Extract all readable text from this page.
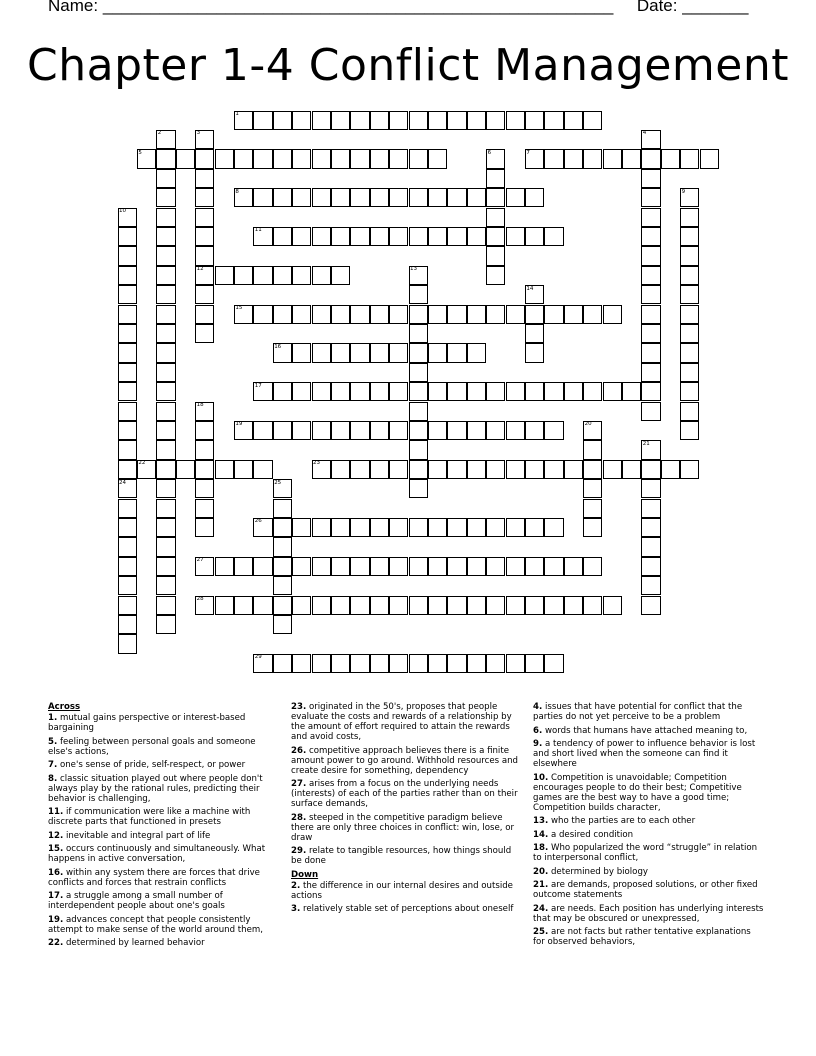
Name: ______________________________________________________ Date: _______
Chapter 1-4 Conflict Management
1
2	3	4
5	6	7
8	9
10
11
12	13
14
15
16
17
18
19	20
21
22	23
24	25
26
27
28
29
Across
1. mutual gains perspective or interest-based bargaining
5. feeling between personal goals and someone else's actions,
7. one's sense of pride, self-respect, or power
8. classic situation played out where people don't always play by the rational rules, predicting their behavior is challenging,
11. if communication were like a machine with discrete parts that functioned in presets
12. inevitable and integral part of life
15. occurs continuously and simultaneously. What happens in active conversation,
16. within any system there are forces that drive conflicts and forces that restrain conflicts
17. a struggle among a small number of interdependent people about one's goals
19. advances concept that people consistently attempt to make sense of the world around them,
22. determined by learned behavior
23. originated in the 50's, proposes that people evaluate the costs and rewards of a relationship by the amount of effort required to attain the rewards and avoid costs,
26. competitive approach believes there is a finite amount power to go around. Withhold resources and create desire for something, dependency
27. arises from a focus on the underlying needs (interests) of each of the parties rather than on their surface demands,
28. steeped in the competitive paradigm believe there are only three choices in conflict: win, lose, or draw
29. relate to tangible resources, how things should be done
Down
2. the difference in our internal desires and outside actions
3. relatively stable set of perceptions about oneself
4. issues that have potential for conflict that the parties do not yet perceive to be a problem
6. words that humans have attached meaning to,
9. a tendency of power to influence behavior is lost and short lived when the someone can find it elsewhere
10. Competition is unavoidable; Competition encourages people to do their best; Competitive games are the best way to have a good time; Competition builds character,
13. who the parties are to each other
14. a desired condition
18. Who popularized the word “struggle” in relation to interpersonal conflict,
20. determined by biology
21. are demands, proposed solutions, or other fixed outcome statements
24. are needs. Each position has underlying interests that may be obscured or unexpressed,
25. are not facts but rather tentative explanations for observed behaviors,
